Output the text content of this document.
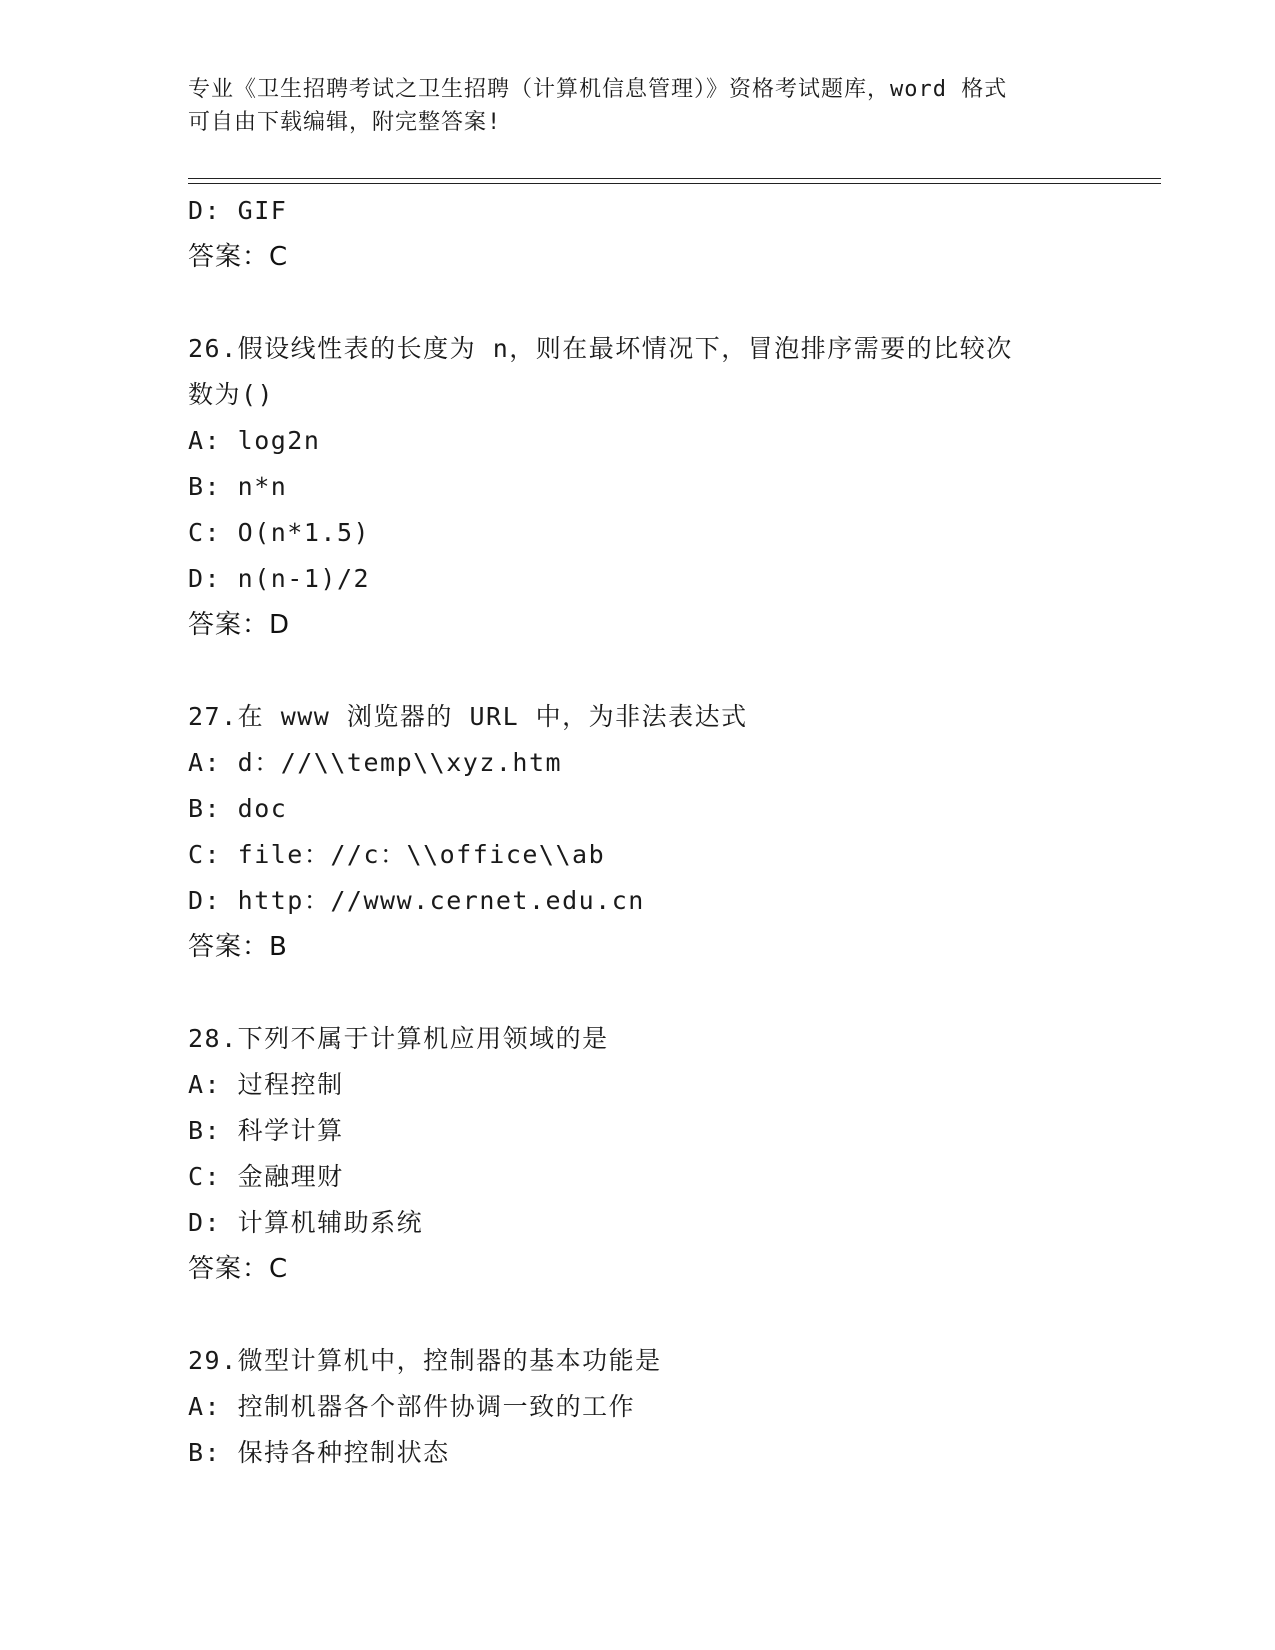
专业《卫生招聘考试之卫生招聘（计算机信息管理）》资格考试题库，word 格式
可自由下载编辑，附完整答案!
D: GIF
答案：C
26.假设线性表的长度为 n，则在最坏情况下，冒泡排序需要的比较次
数为()
A: log2n
B: n*n
C: O(n*1.5)
D: n(n-1)/2
答案：D
27.在 www 浏览器的 URL 中，为非法表达式
A: d：//\\temp\\xyz.htm
B: doc
C: file：//c：\\office\\ab
D: http：//www.cernet.edu.cn
答案：B
28.下列不属于计算机应用领域的是
A: 过程控制
B: 科学计算
C: 金融理财
D: 计算机辅助系统
答案：C
29.微型计算机中，控制器的基本功能是
A: 控制机器各个部件协调一致的工作
B: 保持各种控制状态
